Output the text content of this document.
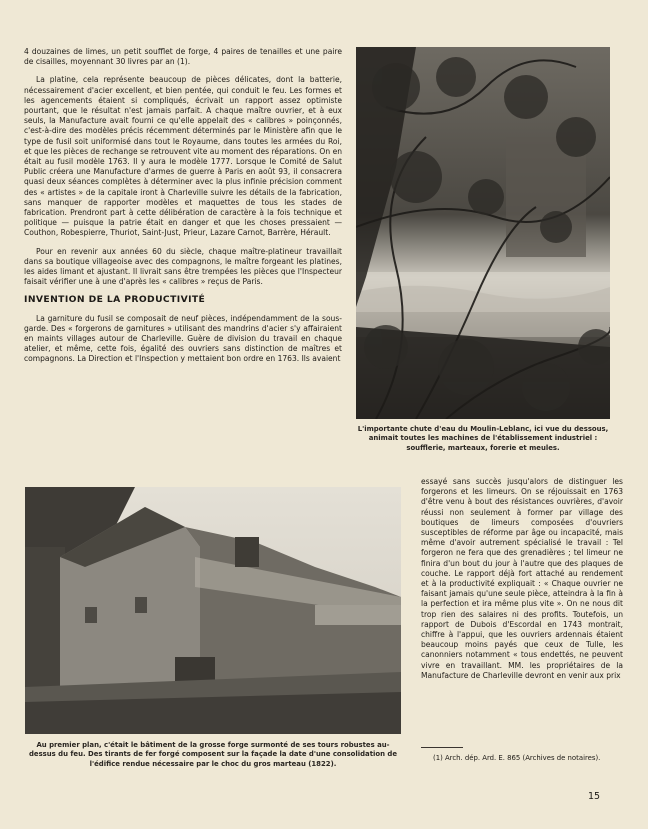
4 douzaines de limes, un petit soufflet de forge, 4 paires de tenailles et une paire de cisailles, moyennant 30 livres par an (1).

La platine, cela représente beaucoup de pièces délicates, dont la batterie, nécessairement d'acier excellent, et bien pentée, qui conduit le feu. Les formes et les agencements étaient si compliqués, écrivait un rapport assez optimiste pourtant, que le résultat n'est jamais parfait. A chaque maître ouvrier, et à eux seuls, la Manufacture avait fourni ce qu'elle appelait des « calibres » poinçonnés, c'est-à-dire des modèles précis récemment déterminés par le Ministère afin que le type de fusil soit uniformisé dans tout le Royaume, dans toutes les armées du Roi, et que les pièces de rechange se retrouvent vite au moment des réparations. On en était au fusil modèle 1763. Il y aura le modèle 1777. Lorsque le Comité de Salut Public créera une Manufacture d'armes de guerre à Paris en août 93, il consacrera quasi deux séances complètes à déterminer avec la plus infinie précision comment des « artistes » de la capitale iront à Charleville suivre les détails de la fabrication, sans manquer de rapporter modèles et maquettes de tous les stades de fabrication. Prendront part à cette délibération de caractère à la fois technique et politique — puisque la patrie était en danger et que les choses pressaient — Couthon, Robespierre, Thuriot, Saint-Just, Prieur, Lazare Carnot, Barrère, Hérault.

Pour en revenir aux années 60 du siècle, chaque maître-platineur travaillait dans sa boutique villageoise avec des compagnons, le maître forgeant les platines, les aides limant et ajustant. Il livrait sans être trempées les pièces que l'Inspecteur faisait vérifier une à une d'après les « calibres » reçus de Paris.

INVENTION DE LA PRODUCTIVITÉ

La garniture du fusil se composait de neuf pièces, indépendamment de la sous-garde. Des « forgerons de garnitures » utilisant des mandrins d'acier s'y affairaient en maints villages autour de Charleville. Guère de division du travail en chaque atelier, et même, cette fois, égalité des ouvriers sans distinction de maîtres et compagnons. La Direction et l'Inspection y mettaient bon ordre en 1763. Ils avaient

L'importante chute d'eau du Moulin-Leblanc, ici vue du dessous, animait toutes les machines de l'établissement industriel : soufflerie, marteaux, forerie et meules.
Au premier plan, c'était le bâtiment de la grosse forge surmonté de ses tours robustes au-dessus du feu. Des tirants de fer forgé composent sur la façade la date d'une consolidation de l'édifice rendue nécessaire par le choc du gros marteau (1822).

essayé sans succès jusqu'alors de distinguer les forgerons et les limeurs. On se réjouissait en 1763 d'être venu à bout des résistances ouvrières, d'avoir réussi non seulement à former par village des boutiques de limeurs composées d'ouvriers susceptibles de réforme par âge ou incapacité, mais même d'avoir autrement spécialisé le travail : Tel forgeron ne fera que des grenadières ; tel limeur ne finira d'un bout du jour à l'autre que des plaques de couche. Le rapport déjà fort attaché au rendement et à la productivité expliquait : « Chaque ouvrier ne faisant jamais qu'une seule pièce, atteindra à la fin à la perfection et ira même plus vite ». On ne nous dit trop rien des salaires ni des profits. Toutefois, un rapport de Dubois d'Escordal en 1743 montrait, chiffre à l'appui, que les ouvriers ardennais étaient beaucoup moins payés que ceux de Tulle, les canonniers notamment « tous endettés, ne peuvent vivre en travaillant. MM. les propriétaires de la Manufacture de Charleville devront en venir aux prix

(1) Arch. dép. Ard. E. 865 (Archives de notaires).
15
